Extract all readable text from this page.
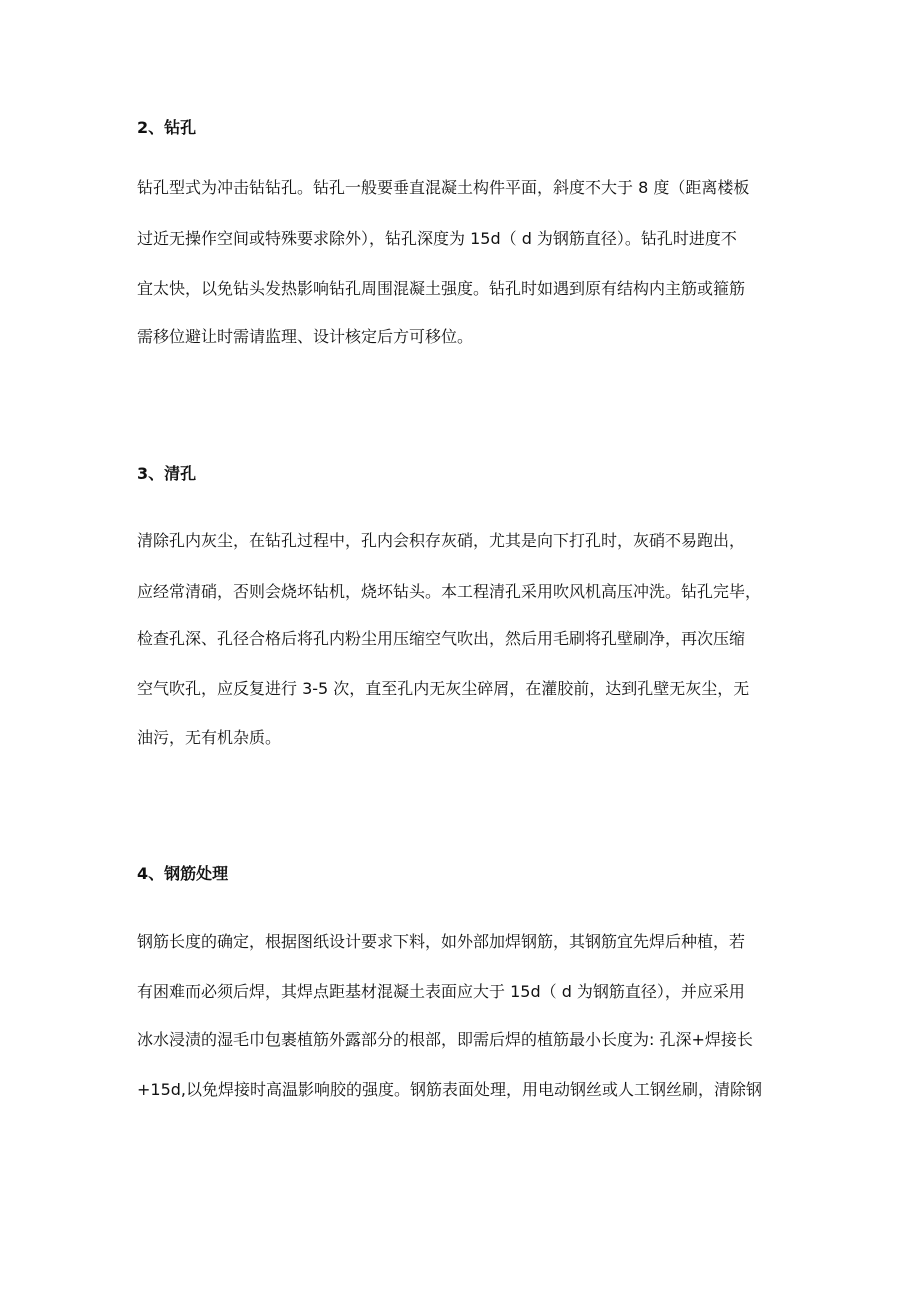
2、钻孔
钻孔型式为冲击钻钻孔。钻孔一般要垂直混凝土构件平面，斜度不大于 8 度（距离楼板
过近无操作空间或特殊要求除外），钻孔深度为 15d（ d 为钢筋直径）。钻孔时进度不
宜太快，以免钻头发热影响钻孔周围混凝土强度。钻孔时如遇到原有结构内主筋或箍筋
需移位避让时需请监理、设计核定后方可移位。
3、清孔
清除孔内灰尘，在钻孔过程中，孔内会积存灰硝，尤其是向下打孔时，灰硝不易跑出，
应经常清硝，否则会烧坏钻机，烧坏钻头。本工程清孔采用吹风机高压冲洗。钻孔完毕，
检查孔深、孔径合格后将孔内粉尘用压缩空气吹出，然后用毛刷将孔壁刷净，再次压缩
空气吹孔，应反复进行 3-5 次，直至孔内无灰尘碎屑，在灌胶前，达到孔壁无灰尘，无
油污，无有机杂质。
4、钢筋处理
钢筋长度的确定，根据图纸设计要求下料，如外部加焊钢筋，其钢筋宜先焊后种植，若
有困难而必须后焊，其焊点距基材混凝土表面应大于 15d（ d 为钢筋直径），并应采用
冰水浸渍的湿毛巾包裹植筋外露部分的根部，即需后焊的植筋最小长度为: 孔深+焊接长
+15d,以免焊接时高温影响胶的强度。钢筋表面处理，用电动钢丝或人工钢丝刷，清除钢
